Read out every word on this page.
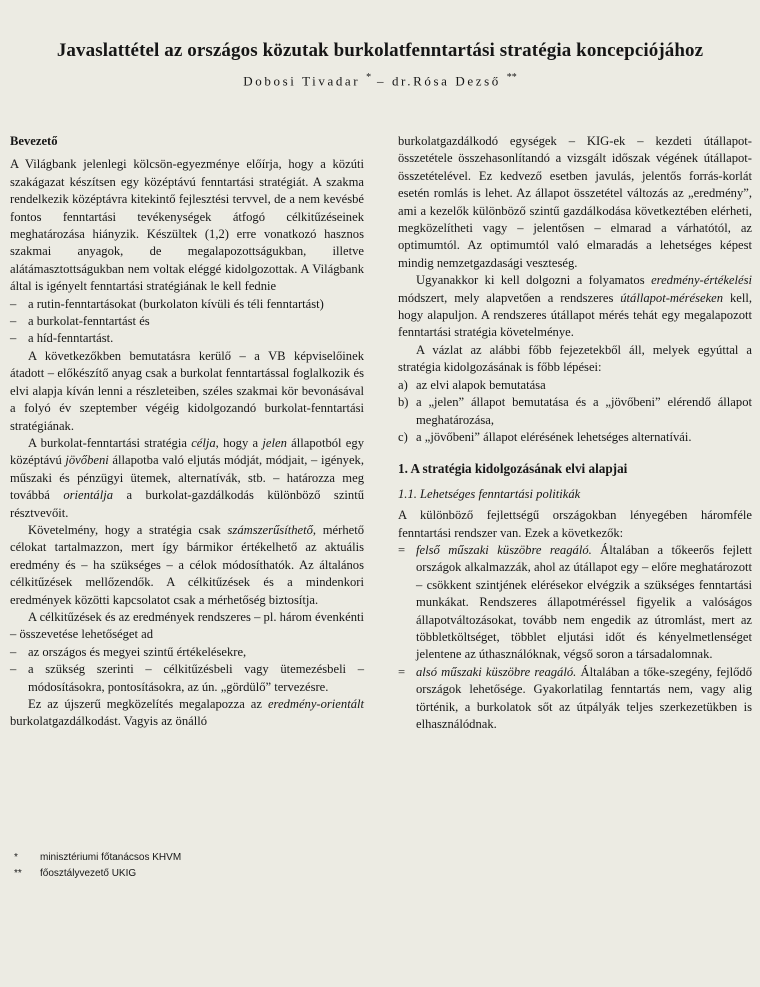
Javaslattétel az országos közutak burkolatfenntartási stratégia koncepciójához
Dobosi Tivadar * – dr.Rósa Dezső **
Bevezető

A Világbank jelenlegi kölcsön-egyezménye előírja, hogy a közúti szakágazat készítsen egy középtávú fenntartási stratégiát. A szakma rendelkezik középtávra kitekintő fejlesztési tervvel, de a nem kevésbé fontos fenntartási tevékenységek átfogó célkitűzéseinek meghatározása hiányzik. Készültek (1,2) erre vonatkozó hasznos szakmai anyagok, de megalapozottságukban, illetve alátámasztottságukban nem voltak eléggé kidolgozottak. A Világbank által is igényelt fenntartási stratégiának le kell fednie

– a rutin-fenntartásokat (burkolaton kívüli és téli fenntartást)
– a burkolat-fenntartást és
– a híd-fenntartást.

A következőkben bemutatásra kerülő – a VB képviselőinek átadott – előkészítő anyag csak a burkolat fenntartással foglalkozik és elvi alapja kíván lenni a részleteiben, széles szakmai kör bevonásával a folyó év szeptember végéig kidolgozandó burkolat-fenntartási stratégiának.

A burkolat-fenntartási stratégia célja, hogy a jelen állapotból egy középtávú jövőbeni állapotba való eljutás módját, módjait, – igények, műszaki és pénzügyi ütemek, alternatívák, stb. – határozza meg továbbá orientálja a burkolat-gazdálkodás különböző szintű résztvevőit.

Követelmény, hogy a stratégia csak számszerűsíthető, mérhető célokat tartalmazzon, mert így bármikor értékelhető az aktuális eredmény és – ha szükséges – a célok módosíthatók. Az általános célkitűzések mellőzendők. A célkitűzések és a mindenkori eredmények közötti kapcsolatot csak a mérhetőség biztosítja.

A célkitűzések és az eredmények rendszeres – pl. három évenkénti – összevetése lehetőséget ad

– az országos és megyei szintű értékelésekre,
– a szükség szerinti – célkitűzésbeli vagy ütemezésbeli – módosításokra, pontosításokra, az ún. „gördülő” tervezésre.

Ez az újszerű megközelítés megalapozza az eredmény-orientált burkolatgazdálkodást. Vagyis az önálló

*	minisztériumi főtanácsos KHVM
**	főosztályvezető UKIG

burkolatgazdálkodó egységek – KIG-ek – kezdeti útállapot-összetétele összehasonlítandó a vizsgált időszak végének útállapot-összetételével. Ez kedvező esetben javulás, jelentős forrás-korlát esetén romlás is lehet. Az állapot összetétel változás az „eredmény”, ami a kezelők különböző szintű gazdálkodása következtében elérheti, megközelítheti vagy – jelentősen – elmarad a várhatótól, az optimumtól. Az optimumtól való elmaradás a lehetséges képest mindig nemzetgazdasági veszteség.

Ugyanakkor ki kell dolgozni a folyamatos eredmény-értékelési módszert, mely alapvetően a rendszeres útállapot-méréseken kell, hogy alapuljon. A rendszeres útállapot mérés tehát egy megalapozott fenntartási stratégia követelménye.

A vázlat az alábbi főbb fejezetekből áll, melyek egyúttal a stratégia kidolgozásának is főbb lépései:

a) az elvi alapok bemutatása
b) a „jelen” állapot bemutatása és a „jövőbeni” elérendő állapot meghatározása,
c) a „jövőbeni” állapot elérésének lehetséges alternatívái.
1. A stratégia kidolgozásának elvi alapjai
1.1. Lehetséges fenntartási politikák

A különböző fejlettségű országokban lényegében háromféle fenntartási rendszer van. Ezek a következők:

= felső műszaki küszöbre reagáló. Általában a tőkeerős fejlett országok alkalmazzák, ahol az útállapot egy – előre meghatározott – csökkent szintjének elérésekor elvégzik a szükséges fenntartási munkákat. Rendszeres állapotméréssel figyelik a valóságos állapotváltozásokat, tovább nem engedik az útromlást, mert az többletköltséget, többlet eljutási időt és kényelmetlenséget jelentene az úthasználóknak, végső soron a társadalomnak.
= alsó műszaki küszöbre reagáló. Általában a tőke-szegény, fejlődő országok lehetősége. Gyakorlatilag fenntartás nem, vagy alig történik, a burkolatok sőt az útpályák teljes szerkezetükben is elhasználódnak.
